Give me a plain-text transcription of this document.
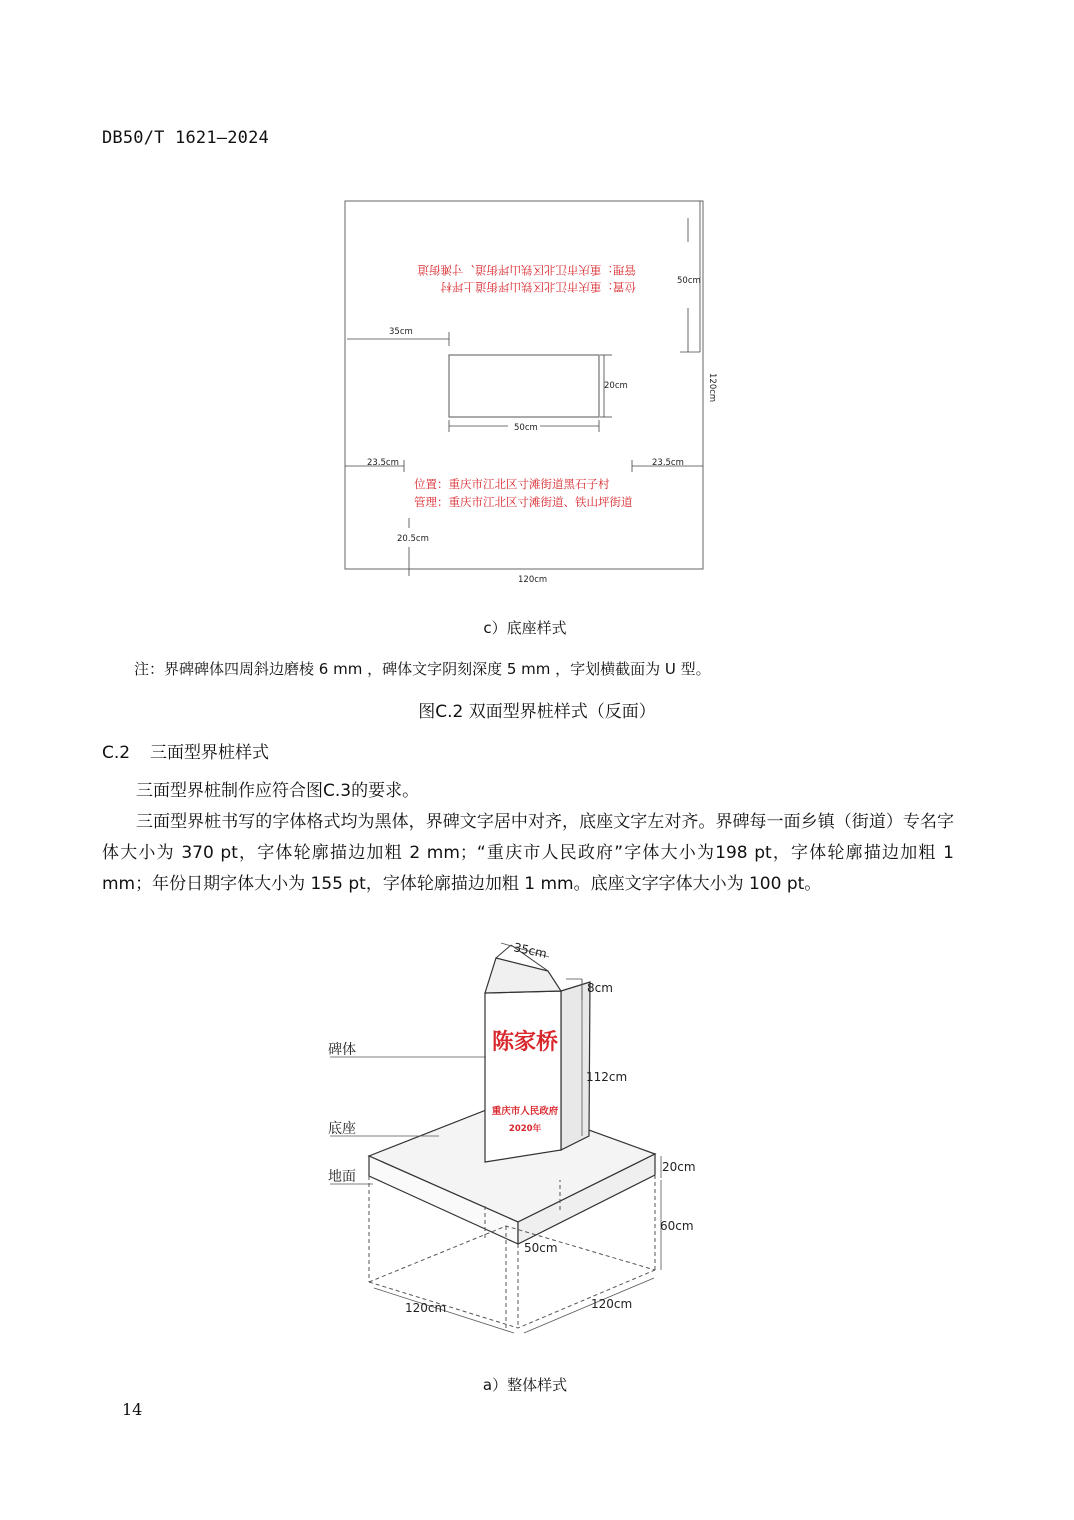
DB50/T 1621—2024
管理：重庆市江北区铁山坪街道、寸滩街道
位置：重庆市江北区铁山坪街道上坪村	50cm
120cm
35cm
20cm
50cm
23.5cm	23.5cm
位置：重庆市江北区寸滩街道黑石子村
管理：重庆市江北区寸滩街道、铁山坪街道
20.5cm
120cm
c）底座样式
注：界碑碑体四周斜边磨棱 6 mm ，碑体文字阴刻深度 5 mm ，字划横截面为 U 型。
图C.2 双面型界桩样式（反面）
C.2 三面型界桩样式
三面型界桩制作应符合图C.3的要求。
三面型界桩书写的字体格式均为黑体，界碑文字居中对齐，底座文字左对齐。界碑每一面乡镇（街道）专名字体大小为 370 pt，字体轮廓描边加粗 2 mm；“重庆市人民政府”字体大小为198 pt，字体轮廓描边加粗 1 mm；年份日期字体大小为 155 pt，字体轮廓描边加粗 1 mm。底座文字字体大小为 100 pt。
陈家桥
重庆市人民政府
2020年
碑体
底座
地面
35cm
8cm
112cm
20cm
60cm
50cm
120cm	120cm
a）整体样式
14
